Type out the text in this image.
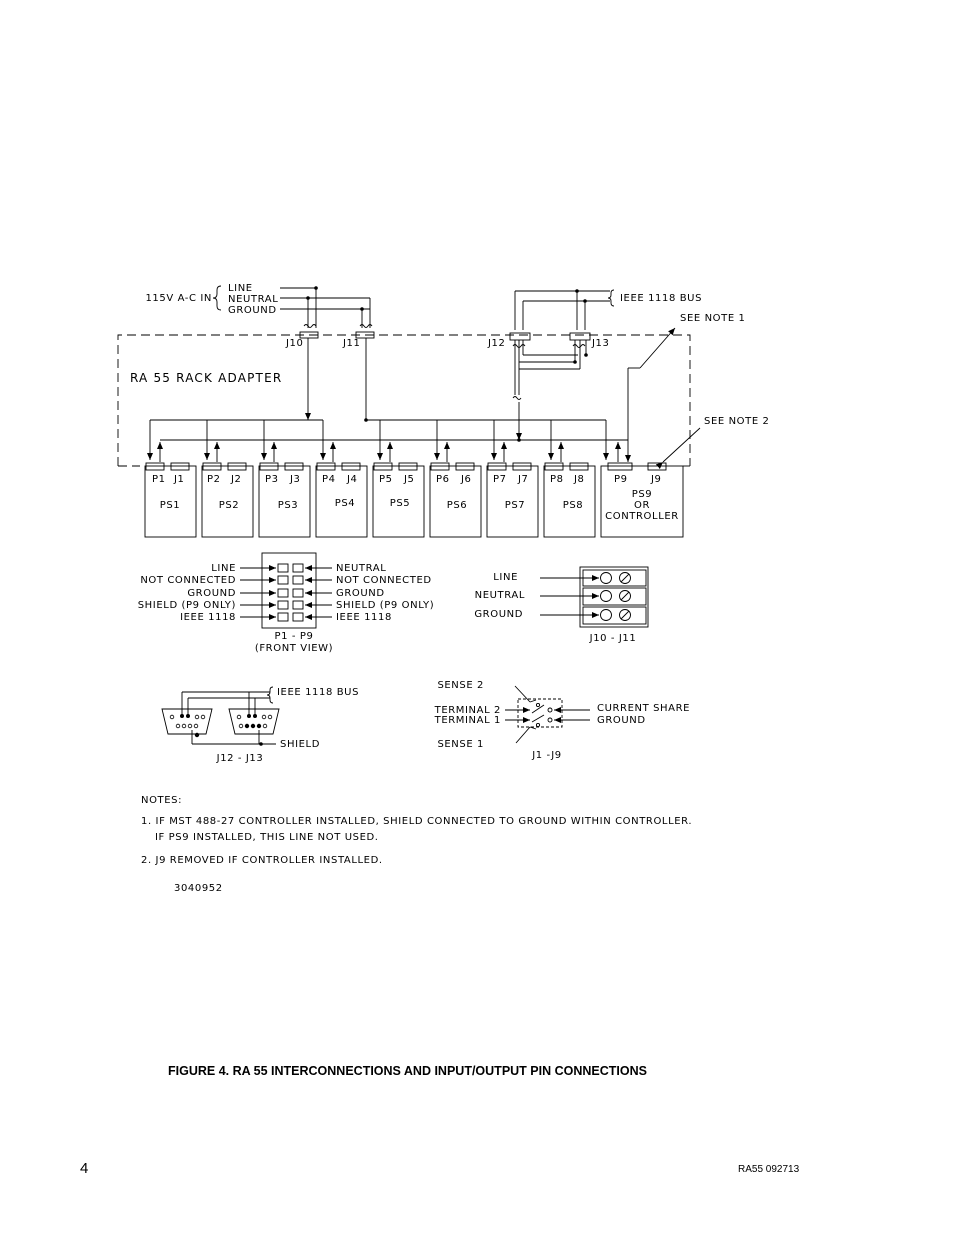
115V A-C IN
LINE
NEUTRAL
GROUND
IEEE 1118 BUS
SEE NOTE 1
SEE NOTE 2
RA 55 RACK ADAPTER
J10	J11	J12	J13
P1 J1
PS1
P2 J2
PS2
P3 J3
PS3
P4 J4
PS4
P5 J5
PS5
P6 J6
PS6
P7 J7
PS7
P8 J8
PS8
P9 J9
PS9
OR
CONTROLLER
LINE
NOT CONNECTED
GROUND
SHIELD (P9 ONLY)
IEEE 1118
NEUTRAL
NOT CONNECTED
GROUND
SHIELD (P9 ONLY)
IEEE 1118
P1 - P9
(FRONT VIEW)
LINE
NEUTRAL
GROUND
J10 - J11
IEEE 1118 BUS
SHIELD
J12 - J13
SENSE 2
TERMINAL 2
TERMINAL 1
SENSE 1
CURRENT SHARE
GROUND
J1 -J9
NOTES:
1. IF MST 488-27 CONTROLLER INSTALLED, SHIELD CONNECTED TO GROUND WITHIN CONTROLLER.
IF PS9 INSTALLED, THIS LINE NOT USED.
2. J9 REMOVED IF CONTROLLER INSTALLED.
3040952
FIGURE 4. RA 55 INTERCONNECTIONS AND INPUT/OUTPUT PIN CONNECTIONS
4	RA55 092713
